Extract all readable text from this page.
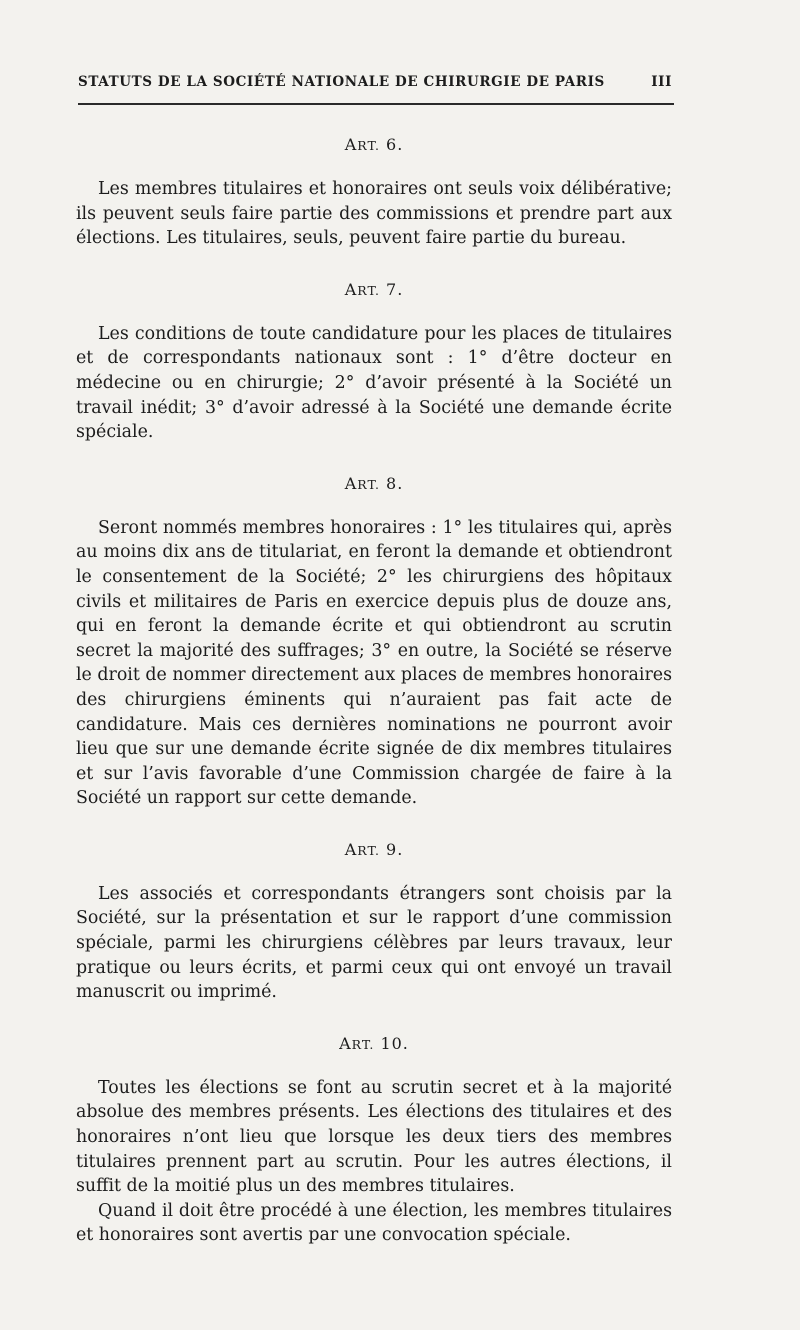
STATUTS DE LA SOCIÉTÉ NATIONALE DE CHIRURGIE DE PARIS	III
ART. 6.

Les membres titulaires et honoraires ont seuls voix délibérative; ils peuvent seuls faire partie des commissions et prendre part aux élections. Les titulaires, seuls, peuvent faire partie du bureau.

ART. 7.

Les conditions de toute candidature pour les places de titulaires et de correspondants nationaux sont : 1° d’être docteur en médecine ou en chirurgie; 2° d’avoir présenté à la Société un travail inédit; 3° d’avoir adressé à la Société une demande écrite spéciale.

ART. 8.

Seront nommés membres honoraires : 1° les titulaires qui, après au moins dix ans de titulariat, en feront la demande et obtiendront le consentement de la Société; 2° les chirurgiens des hôpitaux civils et militaires de Paris en exercice depuis plus de douze ans, qui en feront la demande écrite et qui obtiendront au scrutin secret la majorité des suffrages; 3° en outre, la Société se réserve le droit de nommer directement aux places de membres honoraires des chirurgiens éminents qui n’auraient pas fait acte de candidature. Mais ces dernières nominations ne pourront avoir lieu que sur une demande écrite signée de dix membres titulaires et sur l’avis favorable d’une Commission chargée de faire à la Société un rapport sur cette demande.

ART. 9.

Les associés et correspondants étrangers sont choisis par la Société, sur la présentation et sur le rapport d’une commission spéciale, parmi les chirurgiens célèbres par leurs travaux, leur pratique ou leurs écrits, et parmi ceux qui ont envoyé un travail manuscrit ou imprimé.

ART. 10.

Toutes les élections se font au scrutin secret et à la majorité absolue des membres présents. Les élections des titulaires et des honoraires n’ont lieu que lorsque les deux tiers des membres titulaires prennent part au scrutin. Pour les autres élections, il suffit de la moitié plus un des membres titulaires.

Quand il doit être procédé à une élection, les membres titulaires et honoraires sont avertis par une convocation spéciale.
